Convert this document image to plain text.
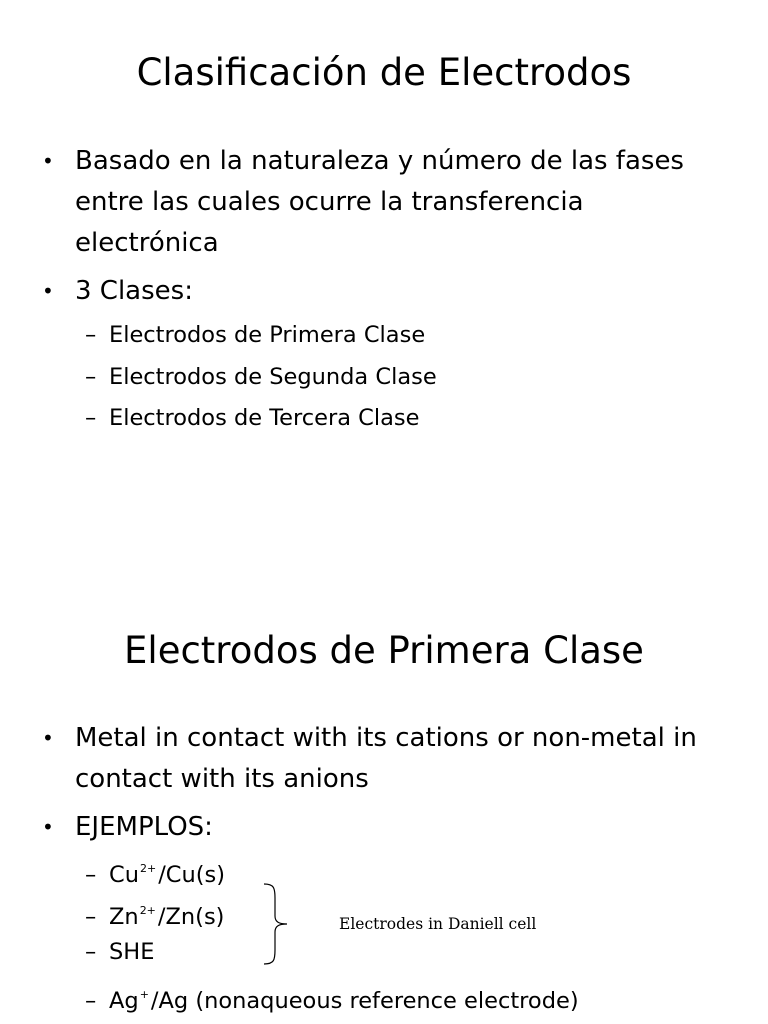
Clasificación de Electrodos
• Basado en la naturaleza y número de las fases entre las cuales ocurre la transferencia electrónica
• 3 Clases:
– Electrodos de Primera Clase
– Electrodos de Segunda Clase
– Electrodos de Tercera Clase
Electrodos de Primera Clase
• Metal in contact with its cations or non-metal in contact with its anions
• EJEMPLOS:
– $Cu^{2+}/Cu(s)$
– $Zn^{2+}/Zn(s)$
– SHE
– Ag+/Ag (nonaqueous reference electrode)
Electrodes in Daniell cell
